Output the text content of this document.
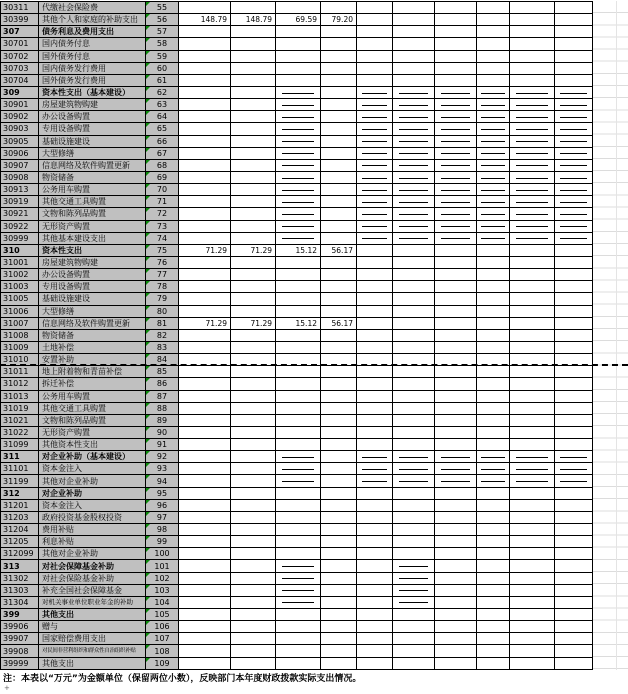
30311	代缴社会保险费	55										
30399	其他个人和家庭的补助支出	56	148.79	148.79	69.59	79.20						
307	债务利息及费用支出	57										
30701	国内债务付息	58										
30702	国外债务付息	59										
30703	国内债务发行费用	60										
30704	国外债务发行费用	61										
309	资本性支出（基本建设）	62										
30901	房屋建筑物购建	63										
30902	办公设备购置	64										
30903	专用设备购置	65										
30905	基础设施建设	66										
30906	大型修缮	67										
30907	信息网络及软件购置更新	68										
30908	物资储备	69										
30913	公务用车购置	70										
30919	其他交通工具购置	71										
30921	文物和陈列品购置	72										
30922	无形资产购置	73										
30999	其他基本建设支出	74										
310	资本性支出	75	71.29	71.29	15.12	56.17						
31001	房屋建筑物购建	76										
31002	办公设备购置	77										
31003	专用设备购置	78										
31005	基础设施建设	79										
31006	大型修缮	80										
31007	信息网络及软件购置更新	81	71.29	71.29	15.12	56.17						
31008	物资储备	82										
31009	土地补偿	83										
31010	安置补助	84										
31011	地上附着物和青苗补偿	85										
31012	拆迁补偿	86										
31013	公务用车购置	87										
31019	其他交通工具购置	88										
31021	文物和陈列品购置	89										
31022	无形资产购置	90										
31099	其他资本性支出	91										
311	对企业补助（基本建设）	92										
31101	资本金注入	93										
31199	其他对企业补助	94										
312	对企业补助	95										
31201	资本金注入	96										
31203	政府投资基金股权投资	97										
31204	费用补贴	98										
31205	利息补贴	99										
312099	其他对企业补助	100										
313	对社会保障基金补助	101										
31302	对社会保险基金补助	102										
31303	补充全国社会保障基金	103										
31304	对机关事业单位职业年金的补助	104										
399	其他支出	105										
39906	赠与	106										
39907	国家赔偿费用支出	107										
39908	对民间非营利组织和群众性自治组织补贴	108										
39999	其他支出	109										
注：本表以“万元”为金额单位（保留两位小数），反映部门本年度财政拨款实际支出情况。
+
